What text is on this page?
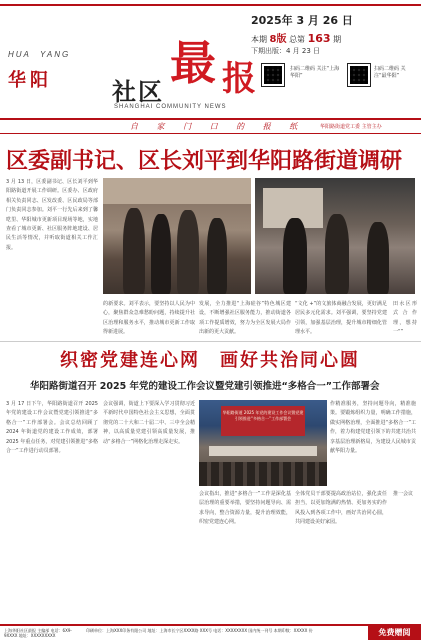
HUA YANG
华阳	社区
最 报
SHANGHAI COMMUNITY NEWS
2025年 3 月 26 日
本期 8版 总第 163 期
下期出版：4 月 23 日
扫码二维码 关注“上海华阳”
扫码二维码 关注“最华阳”
自 家 门 口 的 报 纸	华阳路街道党工委 主管主办
区委副书记、区长刘平到华阳路街道调研
3 月 13 日，区委副书记、区长刘平到华阳路街道开展工作调研。区委办、区政府相关负责同志、区发改委、区民政局等部门负责同志参加。刘平一行先后来到了馨呓里、华阳城市更新项目现场等地，实地查看了城市更新、社区服务阵地建设、居民生活等情况，并听取街道相关工作汇报。
的新要求。刘平表示，要坚持以人民为中心，聚焦群众急难愁盼问题，持续提升社区治理和服务水平，推动城市更新工作取得新进展。
发展，全力推进“上海硅谷”特色城区建设，不断增强社区服务能力，推动街道各项工作提质增效，努力为全区发展大局作出新的更大贡献。
“文化 +”的文旅体商融合发展，更好满足居民多元化需求。刘平强调，要坚持党建引领，加强基层治理，提升城市精细化管理水平。
田水区形式合作理，想持一“”
织密党建连心网　画好共治同心圆
华阳路街道召开 2025 年党的建设工作会议暨党建引领推进“多格合一”工作部署会
3 月 17 日下午，华阳路街道召开 2025 年党的建设工作会议暨党建引领推进“多格合一”工作部署会。会议总结回顾了 2024 年街道党的建设工作成效，部署 2025 年重点任务，对党建引领推进“多格合一”工作进行动员部署。
会议强调，街道上下要深入学习贯彻习近平新时代中国特色社会主义思想，全面贯彻党的二十大和二十届二中、三中全会精神，以高质量党建引领高质量发展，推动“多格合一”网格化治理走深走实。
华阳路街道 2025 年党的建设工作会议暨党建引领推进“多格合一”工作部署会
作精准服务，坚持问题导向，精准施策。要锻炼组织力量，明确工作措施，做实网格治理，全面推进“多格合一”工作，着力构建党建引领下的共建共治共享基层治理新格局，为建设人民城市贡献华阳力量。
会议指出，推进“多格合一”工作是深化基层治理的重要举措，要坚持问题导向、需求导向，整合资源力量，提升治理效能，织密党建连心网。
全体党员干部要提高政治站位，强化责任担当，以更加饱满的热情、更加务实的作风投入到各项工作中，画好共治同心圆，共同建设美好家园。
推一会议
上海华阳社区最报 主编部 电话：6X9-9XXXX 地址：XXXXXXXXX
印刷单位：上海XXX印务有限公司 地址：上海市长宁区XXXX路 XXX号 电话：XXXXXXXX 国内统一刊号 本期印数：XXXXX 份	免费赠阅
